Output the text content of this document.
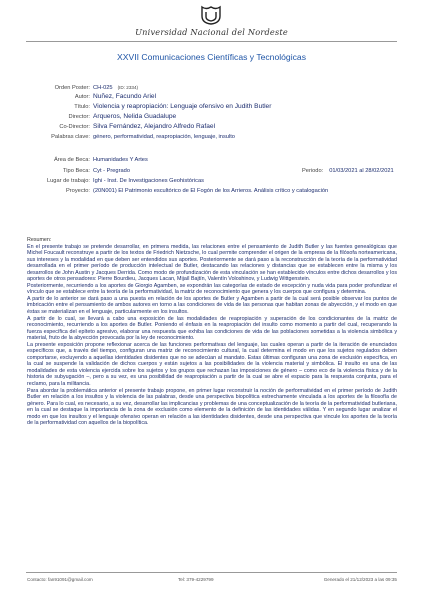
Universidad Nacional del Nordeste
XXVII Comunicaciones Científicas y Tecnológicas
Orden Poster: CH-025 (ID: 2334)
Autor: Nuñez, Facundo Ariel
Título: Violencia y reapropiación: Lenguaje ofensivo en Judith Butler
Director: Arqueros, Nelida Guadalupe
Co-Director: Silva Fernández, Alejandro Alfredo Rafael
Palabras clave: género, performatividad, reapropiación, lenguaje, insulto
Área de Beca: Humanidades Y Artes
Tipo Beca: Cyt - Pregrado	Periodo: 01/03/2021 al 28/02/2021
Lugar de trabajo: Ighi - Inst. De Investigaciones Geohistóricas
Proyecto: (20N001) El Patrimonio escultórico de El Fogón de los Arrieros. Análisis crítico y catalogación
Resumen:

En el presente trabajo se pretende desarrollar, en primera medida, las relaciones entre el pensamiento de Judith Butler y las fuentes genealógicas que Michel Foucault reconstruye a partir de los textos de Friedrich Nietzsche, lo cual permite comprender el origen de la empresa de la filósofa norteamericana, sus intereses y la modalidad en que deben ser entendidos sus aportes. Posteriormente se dará paso a la reconstrucción de la teoría de la performatividad desarrollada en el primer período de producción intelectual de Butler, destacando las relaciones y distancias que se establecen entre la misma y los desarrollos de John Austin y Jacques Derrida. Como modo de profundización de esta vinculación se han establecido vínculos entre dichos desarrollos y los aportes de otros pensadores: Pierre Bourdieu, Jacques Lacan, Mijaíl Bajtín, Valentín Voloshinov, y Ludwig Wittgenstein.

Posteriormente, recurriendo a los aportes de Giorgio Agamben, se expondrán las categorías de estado de excepción y nuda vida para poder profundizar el vínculo que se establece entre la teoría de la performatividad, la matriz de reconocimiento que genera y los cuerpos que configura y determina.

A partir de lo anterior se dará paso a una puesta en relación de los aportes de Butler y Agamben a partir de la cual será posible observar los puntos de imbricación entre el pensamiento de ambos autores en torno a las condiciones de vida de las personas que habitan zonas de abyección, y el modo en que éstas se materializan en el lenguaje, particularmente en los insultos.

A partir de lo cual, se llevará a cabo una exposición de las modalidades de reapropiación y superación de los condicionantes de la matriz de reconocimiento, recurriendo a los aportes de Butler. Poniendo el énfasis en la reapropiación del insulto como momento a partir del cual, recuperando la fuerza específica del epíteto agresivo, elaborar una respuesta que exhiba las condiciones de vida de las poblaciones sometidas a la violencia simbólica y material, fruto de la abyección provocada por la ley de reconocimiento.

La presente exposición propone reflexionar acerca de las funciones performativas del lenguaje, las cuales operan a partir de la iteración de enunciados específicos que, a través del tiempo, configuran una matriz de reconocimiento cultural, la cual determina el modo en que los sujetos regulados deben comportarse, excluyendo a aquellas identidades disidentes que no se adecúan al mandato. Estas últimas configuran una zona de exclusión específica, en la cual se suspende la validación de dichos cuerpos y están sujetos a las posibilidades de la violencia material y simbólica. El insulto es una de las modalidades de esta violencia ejercida sobre los sujetos y los grupos que rechazan las imposiciones de género – como eco de la violencia física y de la historia de subyugación –, pero a su vez, es una posibilidad de reapropiación a partir de la cual se abre el espacio para la respuesta conjunta, para el reclamo, para la militancia.

Para abordar la problemática anterior el presente trabajo propone, en primer lugar reconstruir la noción de performatividad en el primer período de Judith Butler en relación a los insultos y la violencia de las palabras, desde una perspectiva biopolítica estrechamente vinculada a los aportes de la filosofía de género. Para lo cual, es necesario, a su vez, desarrollar las implicancias y problemas de una conceptualización de la teoría de la performatividad butleriana, en la cual se destaque la importancia de la zona de exclusión como elemento de la definición de las identidades válidas. Y en segundo lugar analizar el modo en que los insultos y el lenguaje ofensivo operan en relación a las identidades disidentes, desde una perspectiva que vincule los aportes de la teoría de la performatividad con aquellos de la biopolítica.

Contacto: fan91091@gmail.com	Tel: 379-4229799	Generado el 21/12/2023 a las 09:35
